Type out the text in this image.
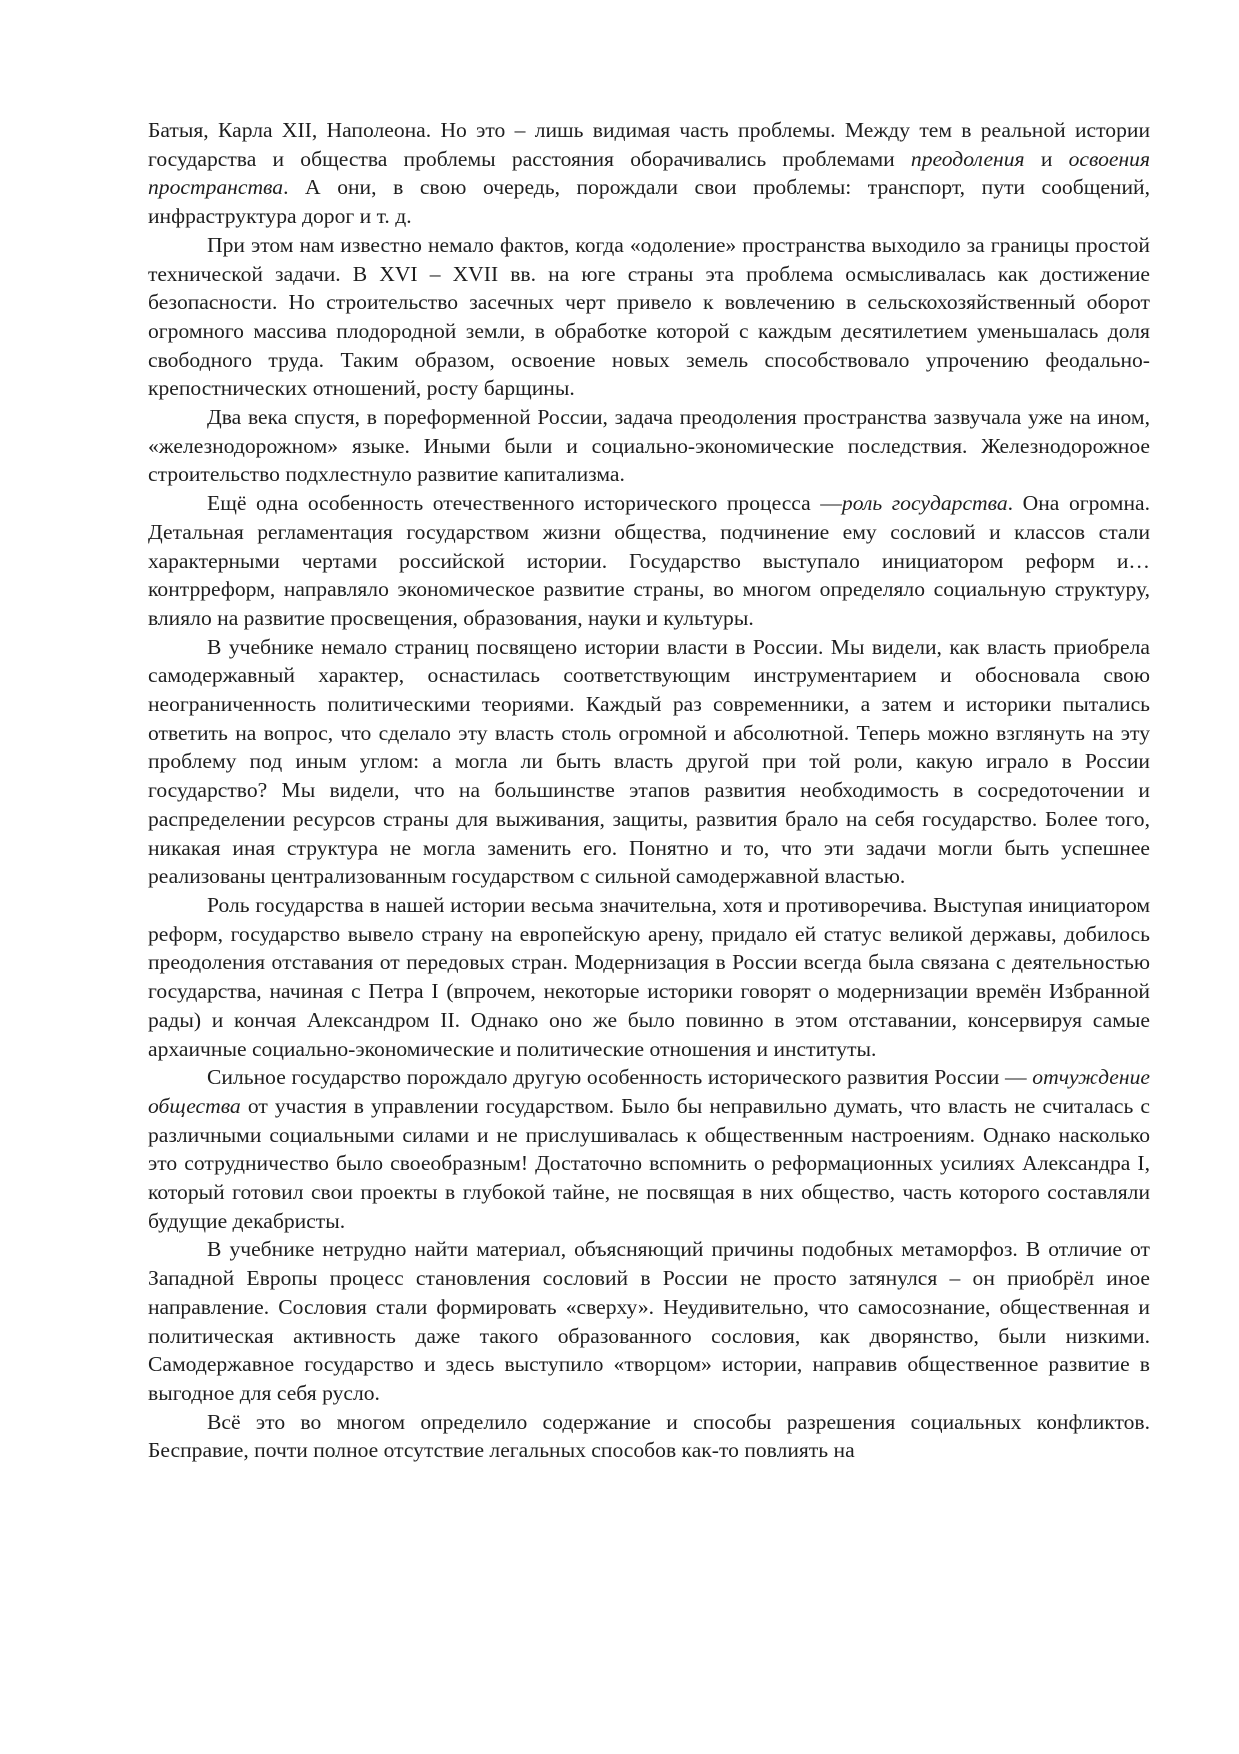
Батыя, Карла XII, Наполеона. Но это – лишь видимая часть проблемы. Между тем в реальной истории государства и общества проблемы расстояния оборачивались проблемами преодоления и освоения пространства. А они, в свою очередь, порождали свои проблемы: транспорт, пути сообщений, инфраструктура дорог и т. д.

При этом нам известно немало фактов, когда «одоление» пространства выходило за границы простой технической задачи. В XVI – XVII вв. на юге страны эта проблема осмысливалась как достижение безопасности. Но строительство засечных черт привело к вовлечению в сельскохозяйственный оборот огромного массива плодородной земли, в обработке которой с каждым десятилетием уменьшалась доля свободного труда. Таким образом, освоение новых земель способствовало упрочению феодально-крепостнических отношений, росту барщины.

Два века спустя, в пореформенной России, задача преодоления пространства зазвучала уже на ином, «железнодорожном» языке. Иными были и социально-экономические последствия. Железнодорожное строительство подхлестнуло развитие капитализма.

Ещё одна особенность отечественного исторического процесса —роль государства. Она огромна. Детальная регламентация государством жизни общества, подчинение ему сословий и классов стали характерными чертами российской истории. Государство выступало инициатором реформ и… контрреформ, направляло экономическое развитие страны, во многом определяло социальную структуру, влияло на развитие просвещения, образования, науки и культуры.

В учебнике немало страниц посвящено истории власти в России. Мы видели, как власть приобрела самодержавный характер, оснастилась соответствующим инструментарием и обосновала свою неограниченность политическими теориями. Каждый раз современники, а затем и историки пытались ответить на вопрос, что сделало эту власть столь огромной и абсолютной. Теперь можно взглянуть на эту проблему под иным углом: а могла ли быть власть другой при той роли, какую играло в России государство? Мы видели, что на большинстве этапов развития необходимость в сосредоточении и распределении ресурсов страны для выживания, защиты, развития брало на себя государство. Более того, никакая иная структура не могла заменить его. Понятно и то, что эти задачи могли быть успешнее реализованы централизованным государством с сильной самодержавной властью.

Роль государства в нашей истории весьма значительна, хотя и противоречива. Выступая инициатором реформ, государство вывело страну на европейскую арену, придало ей статус великой державы, добилось преодоления отставания от передовых стран. Модернизация в России всегда была связана с деятельностью государства, начиная с Петра I (впрочем, некоторые историки говорят о модернизации времён Избранной рады) и кончая Александром II. Однако оно же было повинно в этом отставании, консервируя самые архаичные социально-экономические и политические отношения и институты.

Сильное государство порождало другую особенность исторического развития России — отчуждение общества от участия в управлении государством. Было бы неправильно думать, что власть не считалась с различными социальными силами и не прислушивалась к общественным настроениям. Однако насколько это сотрудничество было своеобразным! Достаточно вспомнить о реформационных усилиях Александра I, который готовил свои проекты в глубокой тайне, не посвящая в них общество, часть которого составляли будущие декабристы.

В учебнике нетрудно найти материал, объясняющий причины подобных метаморфоз. В отличие от Западной Европы процесс становления сословий в России не просто затянулся – он приобрёл иное направление. Сословия стали формировать «сверху». Неудивительно, что самосознание, общественная и политическая активность даже такого образованного сословия, как дворянство, были низкими. Самодержавное государство и здесь выступило «творцом» истории, направив общественное развитие в выгодное для себя русло.

Всё это во многом определило содержание и способы разрешения социальных конфликтов. Бесправие, почти полное отсутствие легальных способов как-то повлиять на
